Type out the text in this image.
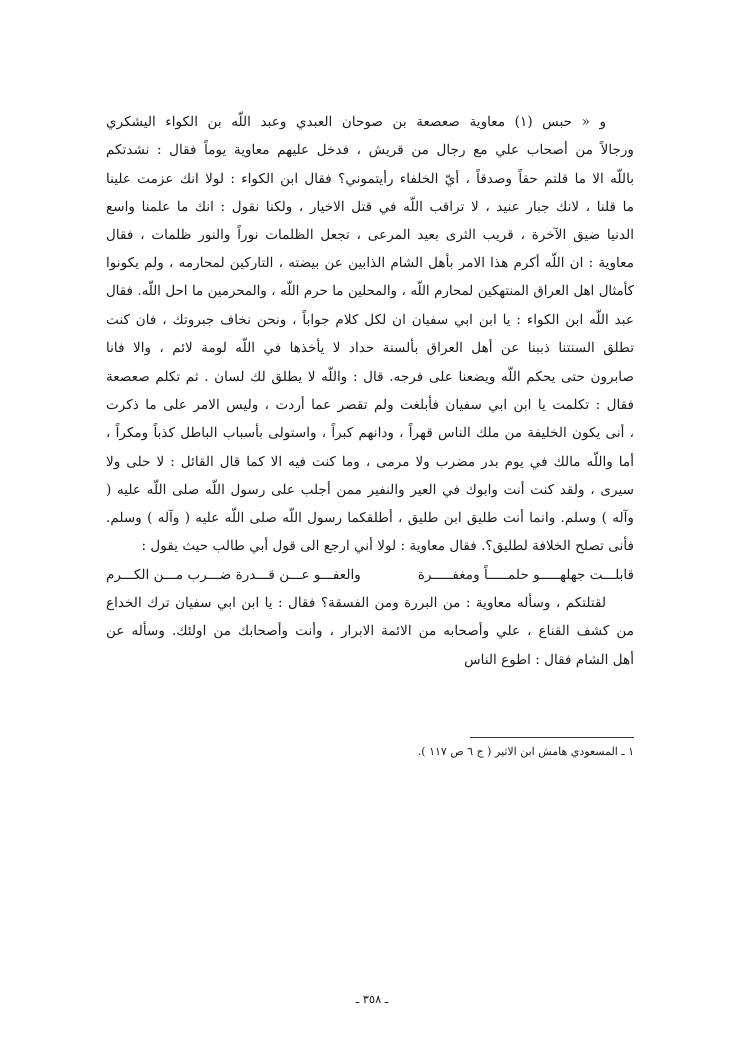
و « حبس (١) معاوية صعصعة بن صوحان العبدي وعبد اللّه بن الكواء اليشكري
ورجالاً من أصحاب علي مع رجال من قريش ، فدخل عليهم معاوية يوماً فقال : نشدتكم
باللّه الا ما قلتم حقاً وصدقاً ، أيّ الخلفاء رأيتموني؟ فقال ابن الكواء : لولا انك عزمت علينا
ما قلنا ، لانك جبار عنيد ، لا تراقب اللّه في قتل الاخيار ، ولكنا نقول : انك ما علمنا واسع
الدنيا ضيق الآخرة ، قريب الثرى بعيد المرعى ، تجعل الظلمات نوراً والنور ظلمات ، فقال
معاوية : ان اللّه أكرم هذا الامر بأهل الشام الذابين عن بيضته ، التاركين لمحارمه ، ولم يكونوا
كأمثال اهل العراق المنتهكين لمحارم اللّه ، والمحلين ما حرم اللّه ، والمحرمين ما احل اللّه. فقال
عبد اللّه ابن الكواء : يا ابن ابي سفيان ان لكل كلام جواباً ، ونحن نخاف جبروتك ، فان كنت
تطلق السنتنا ذببنا عن أهل العراق بألسنة حداد لا يأخذها في اللّه لومة لائم ، والا فانا
صابرون حتى يحكم اللّه ويضعنا على فرجه. قال : واللّه لا يطلق لك لسان . ثم تكلم صعصعة
فقال : تكلمت يا ابن ابي سفيان فأبلغت ولم تقصر عما أردت ، وليس الامر على ما ذكرت
، أنى يكون الخليفة من ملك الناس قهراً ، ودانهم كبراً ، واستولى بأسباب الباطل كذباً ومكراً ،
أما واللّه مالك في يوم بدر مضرب ولا مرمى ، وما كنت فيه الا كما قال القائل : لا حلى ولا
سيرى ، ولقد كنت أنت وابوك في العير والنفير ممن أجلب على رسول اللّه صلى اللّه عليه (
وآله ) وسلم. وانما أنت طليق ابن طليق ، أطلقكما رسول اللّه صلى اللّه عليه ( وآله ) وسلم.
فأنى تصلح الخلافة لطليق؟. فقال معاوية : لولا أني ارجع الى قول أبي طالب حيث يقول :
قابلـــت جهلهـــــو حلمـــــاً ومغفـــــرة
والعفـــو عـــن قـــدرة ضـــرب مـــن الكـــرم
لقتلتكم ، وسأله معاوية : من البررة ومن الفسقة؟ فقال : يا ابن ابي سفيان ترك الخداع
من كشف القناع ، علي وأصحابه من الائمة الابرار ، وأنت وأصحابك من اولئك. وسأله عن
أهل الشام فقال : اطوع الناس
١ ـ المسعودي هامش ابن الاثير ( ج ٦ ص ١١٧ ).
ـ ٣٥٨ ـ
